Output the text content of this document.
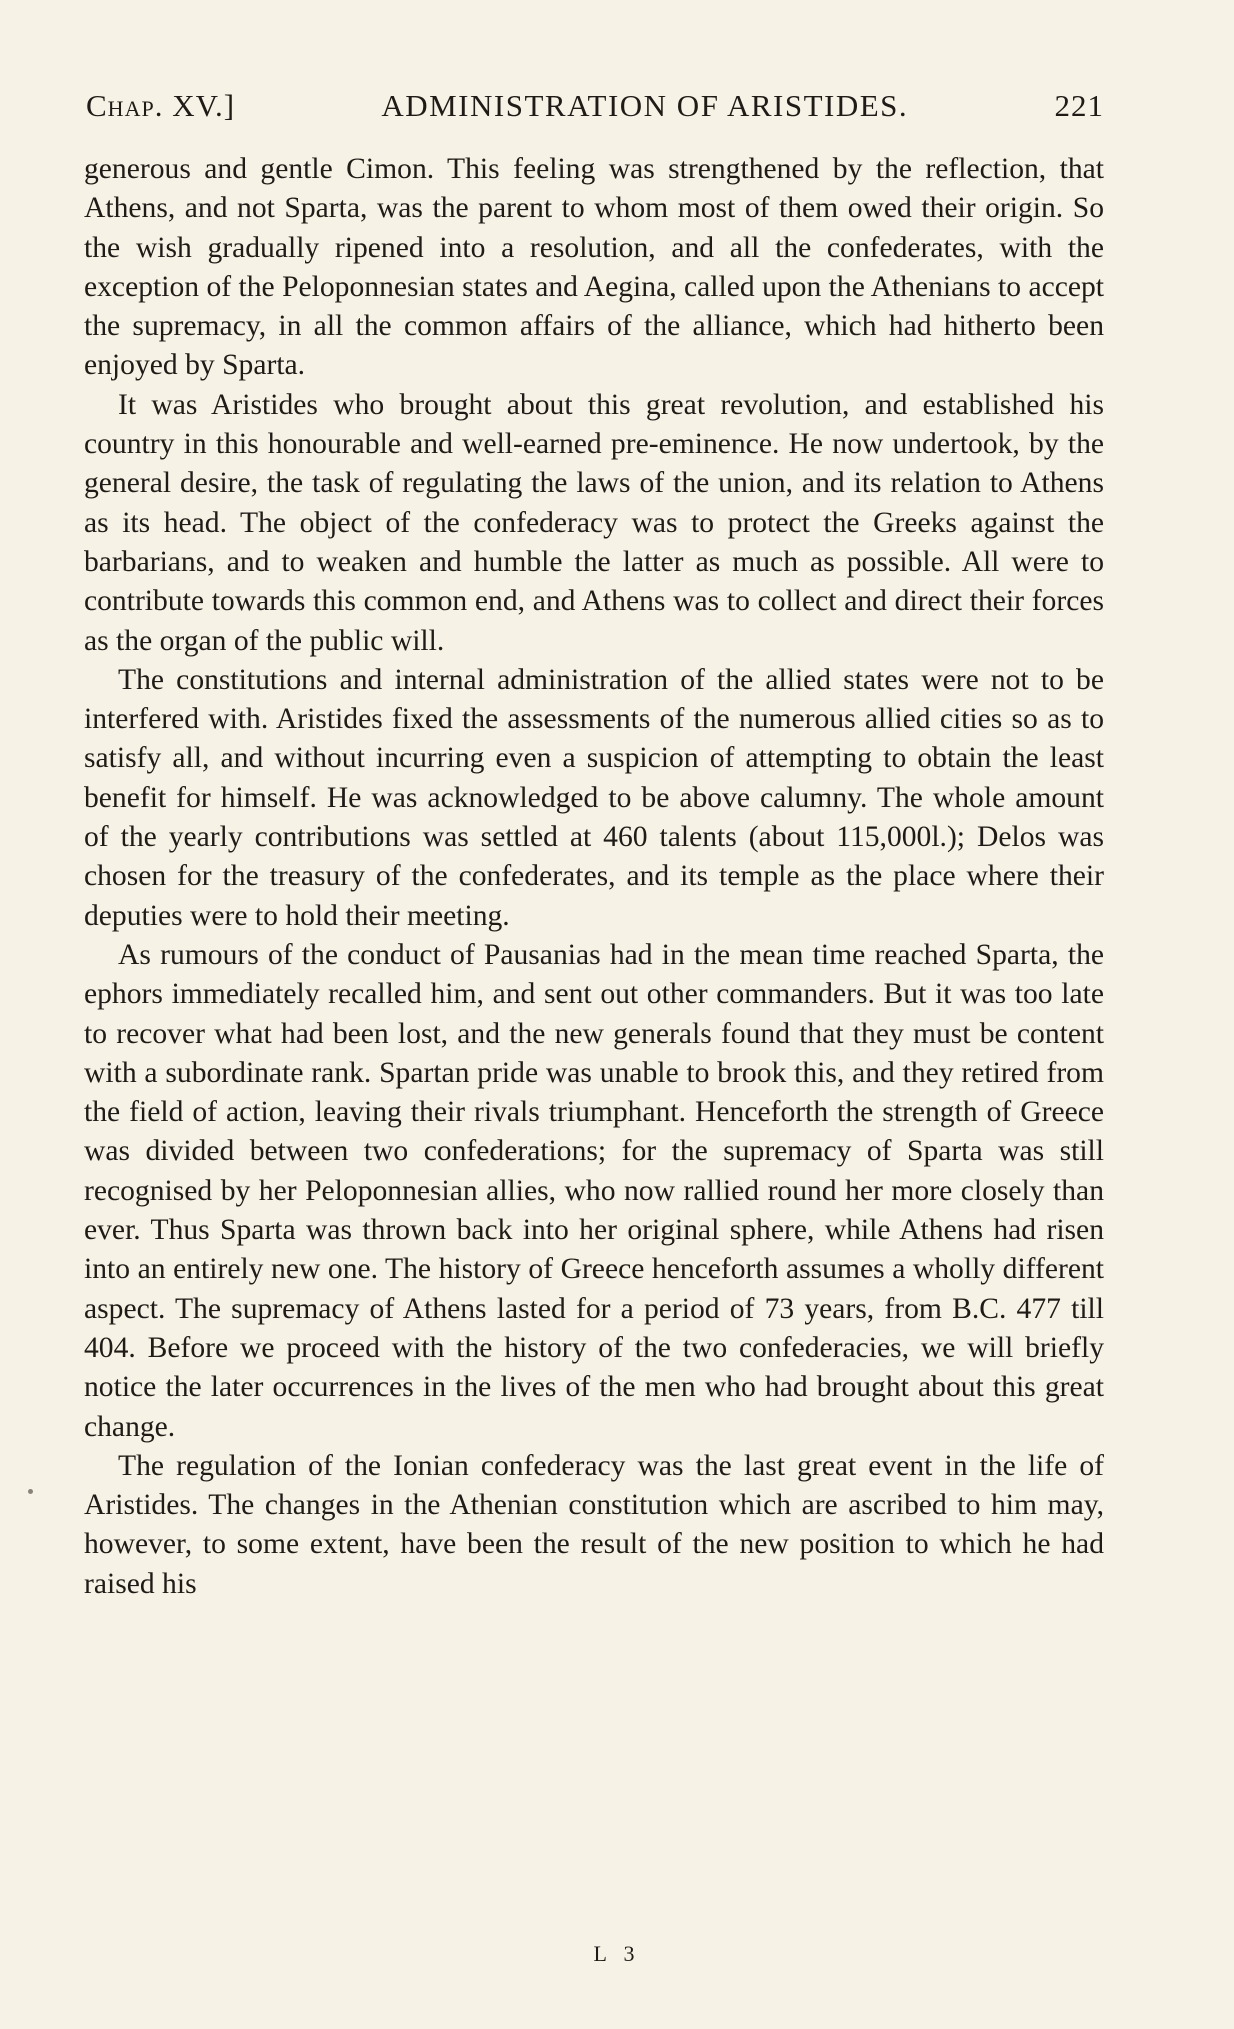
Chap. XV.]	ADMINISTRATION OF ARISTIDES.	221

generous and gentle Cimon. This feeling was strengthened by the reflection, that Athens, and not Sparta, was the parent to whom most of them owed their origin. So the wish gradually ripened into a resolution, and all the confederates, with the exception of the Peloponnesian states and Aegina, called upon the Athenians to accept the supremacy, in all the common affairs of the alliance, which had hitherto been enjoyed by Sparta.

It was Aristides who brought about this great revolution, and established his country in this honourable and well-earned pre-eminence. He now undertook, by the general desire, the task of regulating the laws of the union, and its relation to Athens as its head. The object of the confederacy was to protect the Greeks against the barbarians, and to weaken and humble the latter as much as possible. All were to contribute towards this common end, and Athens was to collect and direct their forces as the organ of the public will.

The constitutions and internal administration of the allied states were not to be interfered with. Aristides fixed the assessments of the numerous allied cities so as to satisfy all, and without incurring even a suspicion of attempting to obtain the least benefit for himself. He was acknowledged to be above calumny. The whole amount of the yearly contributions was settled at 460 talents (about 115,000l.); Delos was chosen for the treasury of the confederates, and its temple as the place where their deputies were to hold their meeting.

As rumours of the conduct of Pausanias had in the mean time reached Sparta, the ephors immediately recalled him, and sent out other commanders. But it was too late to recover what had been lost, and the new generals found that they must be content with a subordinate rank. Spartan pride was unable to brook this, and they retired from the field of action, leaving their rivals triumphant. Henceforth the strength of Greece was divided between two confederations; for the supremacy of Sparta was still recognised by her Peloponnesian allies, who now rallied round her more closely than ever. Thus Sparta was thrown back into her original sphere, while Athens had risen into an entirely new one. The history of Greece henceforth assumes a wholly different aspect. The supremacy of Athens lasted for a period of 73 years, from B.C. 477 till 404. Before we proceed with the history of the two confederacies, we will briefly notice the later occurrences in the lives of the men who had brought about this great change.

The regulation of the Ionian confederacy was the last great event in the life of Aristides. The changes in the Athenian constitution which are ascribed to him may, however, to some extent, have been the result of the new position to which he had raised his

L 3
